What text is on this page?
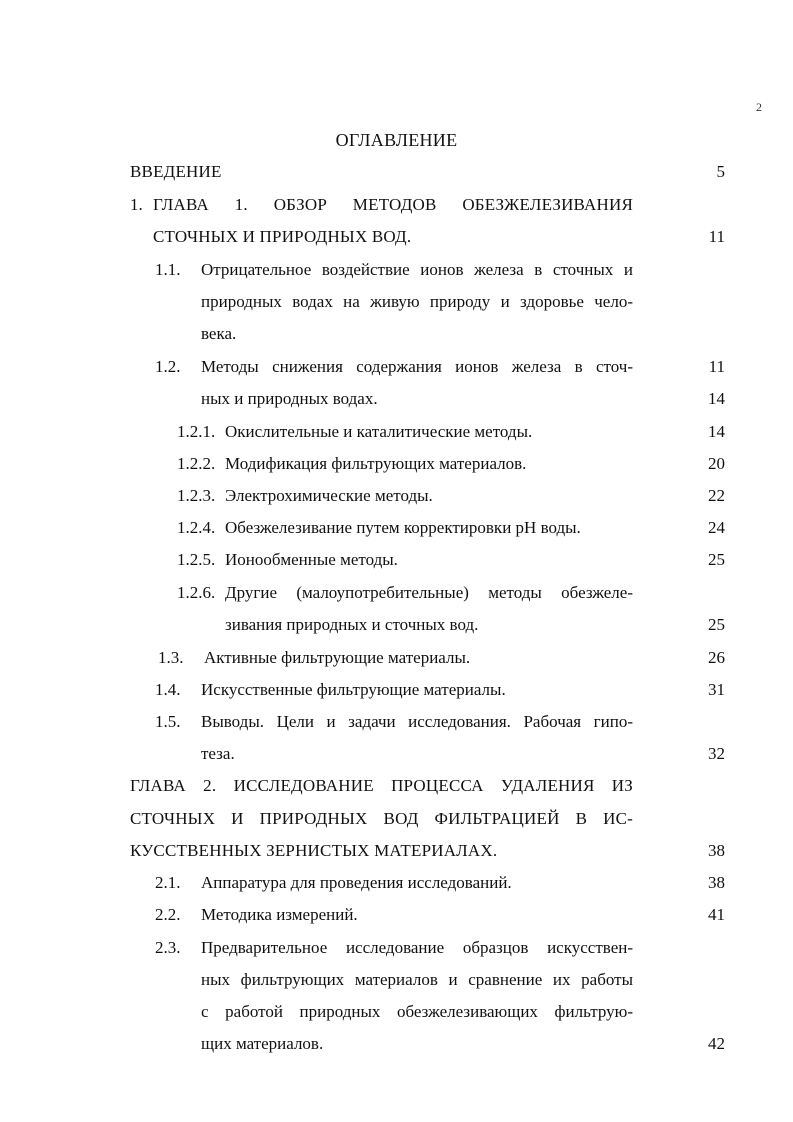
2
ОГЛАВЛЕНИЕ
ВВЕДЕНИЕ	5
1. ГЛАВА 1. ОБЗОР МЕТОДОВ ОБЕЗЖЕЛЕЗИВАНИЯ
СТОЧНЫХ И ПРИРОДНЫХ ВОД.	11
1.1. Отрицательное воздействие ионов железа в сточных и
природных водах на живую природу и здоровье чело-
века.
1.2. Методы снижения содержания ионов железа в сточ-	11
ных и природных водах.	14
1.2.1. Окислительные и каталитические методы.	14
1.2.2. Модификация фильтрующих материалов.	20
1.2.3. Электрохимические методы.	22
1.2.4. Обезжелезивание путем корректировки pH воды.	24
1.2.5. Ионообменные методы.	25
1.2.6. Другие (малоупотребительные) методы обезжеле-
зивания природных и сточных вод.	25
1.3. Активные фильтрующие материалы.	26
1.4. Искусственные фильтрующие материалы.	31
1.5. Выводы. Цели и задачи исследования. Рабочая гипо-
теза.	32
ГЛАВА 2. ИССЛЕДОВАНИЕ ПРОЦЕССА УДАЛЕНИЯ ИЗ
СТОЧНЫХ И ПРИРОДНЫХ ВОД ФИЛЬТРАЦИЕЙ В ИС-
КУССТВЕННЫХ ЗЕРНИСТЫХ МАТЕРИАЛАХ.	38
2.1. Аппаратура для проведения исследований.	38
2.2. Методика измерений.	41
2.3. Предварительное исследование образцов искусствен-
ных фильтрующих материалов и сравнение их работы
с работой природных обезжелезивающих фильтрую-
щих материалов.	42
